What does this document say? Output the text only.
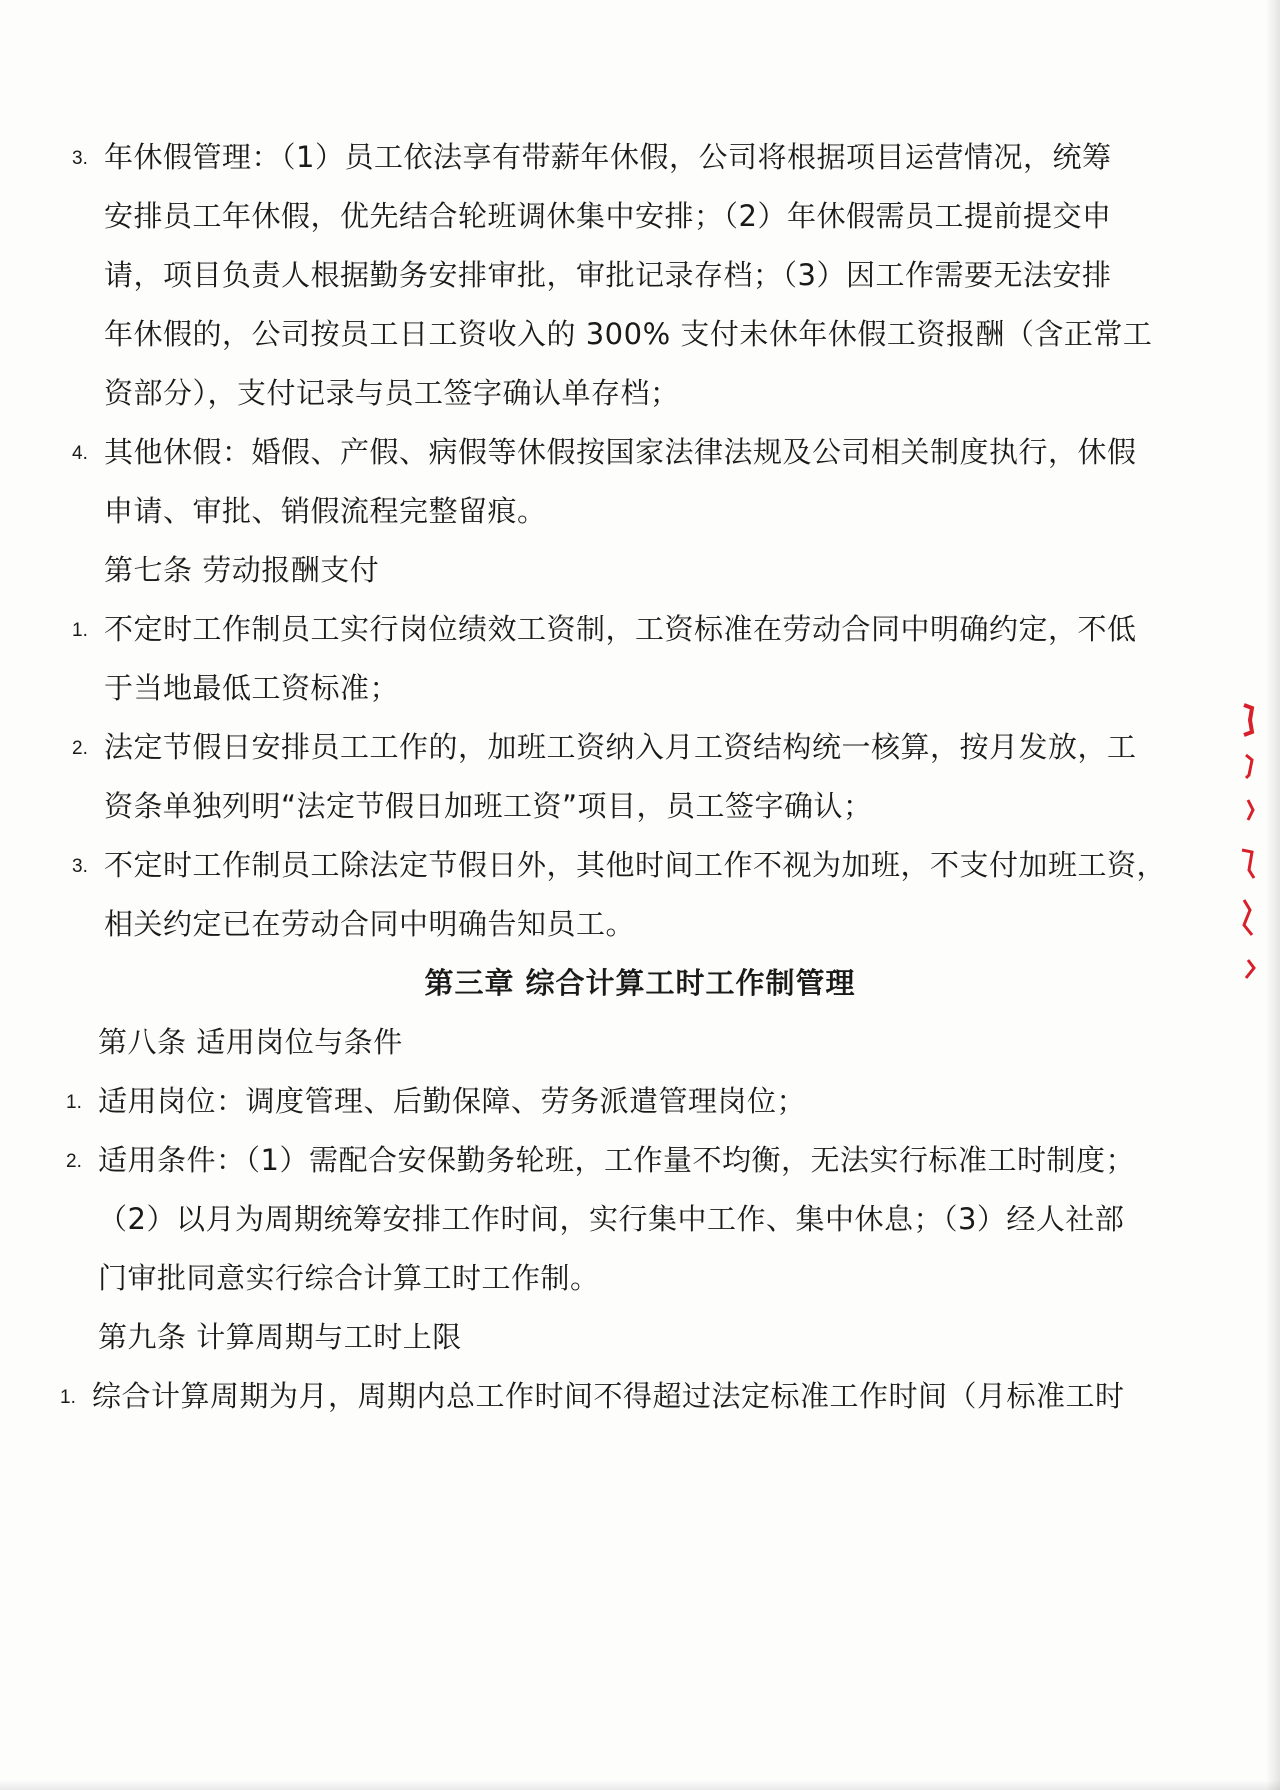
3. 年休假管理：（1）员工依法享有带薪年休假，公司将根据项目运营情况，统筹
安排员工年休假，优先结合轮班调休集中安排；（2）年休假需员工提前提交申
请，项目负责人根据勤务安排审批，审批记录存档；（3）因工作需要无法安排
年休假的，公司按员工日工资收入的 300% 支付未休年休假工资报酬（含正常工
资部分），支付记录与员工签字确认单存档；
4. 其他休假：婚假、产假、病假等休假按国家法律法规及公司相关制度执行，休假
申请、审批、销假流程完整留痕。
第七条 劳动报酬支付
1. 不定时工作制员工实行岗位绩效工资制，工资标准在劳动合同中明确约定，不低
于当地最低工资标准；
2. 法定节假日安排员工工作的，加班工资纳入月工资结构统一核算，按月发放，工
资条单独列明“法定节假日加班工资”项目，员工签字确认；
3. 不定时工作制员工除法定节假日外，其他时间工作不视为加班，不支付加班工资，
相关约定已在劳动合同中明确告知员工。
第三章 综合计算工时工作制管理
第八条 适用岗位与条件
1. 适用岗位：调度管理、后勤保障、劳务派遣管理岗位；
2. 适用条件：（1）需配合安保勤务轮班，工作量不均衡，无法实行标准工时制度；
（2）以月为周期统筹安排工作时间，实行集中工作、集中休息；（3）经人社部
门审批同意实行综合计算工时工作制。
第九条 计算周期与工时上限
1. 综合计算周期为月，周期内总工作时间不得超过法定标准工作时间（月标准工时
